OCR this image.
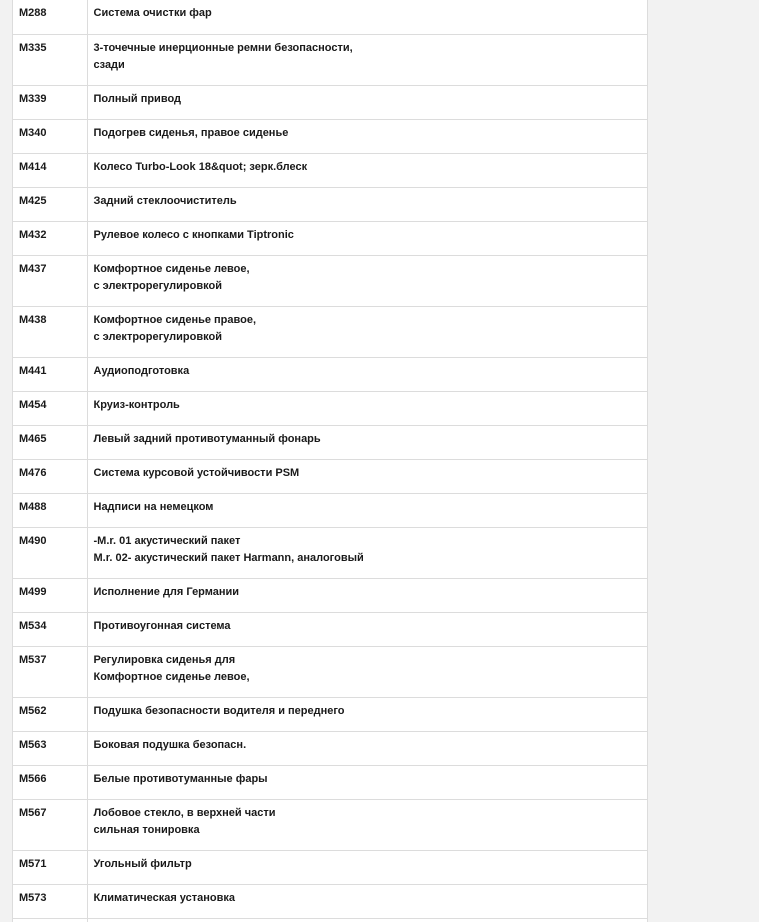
M288	Система очистки фар

M335	3-точечные инерционные ремни безопасности,
сзади

M339	Полный привод

M340	Подогрев сиденья, правое сиденье

M414	Колесо Turbo-Look 18&quot; зерк.блеск

M425	Задний стеклоочиститель

M432	Рулевое колесо с кнопками Tiptronic

M437	Комфортное сиденье левое,
с электрорегулировкой

M438	Комфортное сиденье правое,
с электрорегулировкой

M441	Аудиоподготовка

M454	Круиз-контроль

M465	Левый задний противотуманный фонарь

M476	Система курсовой устойчивости PSM

M488	Надписи на немецком

M490	-M.r. 01 акустический пакет
M.r. 02- акустический пакет Harmann, аналоговый

M499	Исполнение для Германии

M534	Противоугонная система

M537	Регулировка сиденья для
Комфортное сиденье левое,

M562	Подушка безопасности водителя и переднего

M563	Боковая подушка безопасн.

M566	Белые противотуманные фары

M567	Лобовое стекло, в верхней части
сильная тонировка

M571	Угольный фильтр

M573	Климатическая установка
